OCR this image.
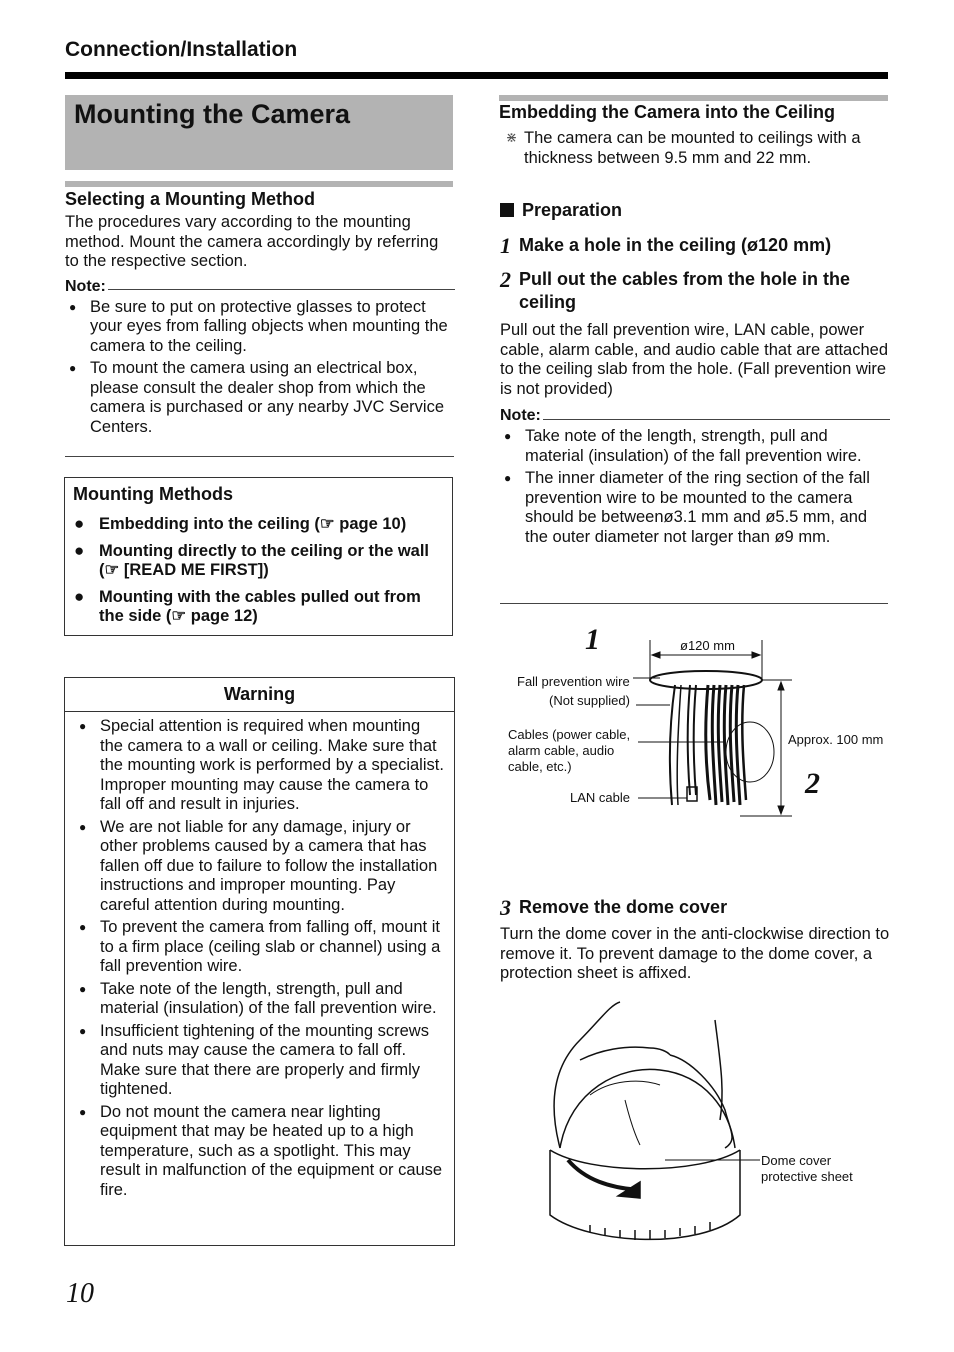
Connection/Installation
Mounting the Camera
Selecting a Mounting Method

The procedures vary according to the mounting method. Mount the camera accordingly by referring to the respective section.

Note:
● Be sure to put on protective glasses to protect your eyes from falling objects when mounting the camera to the ceiling.
● To mount the camera using an electrical box, please consult the dealer shop from which the camera is purchased or any nearby JVC Service Centers.
Mounting Methods
● Embedding into the ceiling (☞ page 10)
● Mounting directly to the ceiling or the wall (☞ [READ ME FIRST])
● Mounting with the cables pulled out from the side (☞ page 12)
Warning
● Special attention is required when mounting the camera to a wall or ceiling. Make sure that the mounting work is performed by a specialist. Improper mounting may cause the camera to fall off and result in injuries.
● We are not liable for any damage, injury or other problems caused by a camera that has fallen off due to failure to follow the installation instructions and improper mounting. Pay careful attention during mounting.
● To prevent the camera from falling off, mount it to a firm place (ceiling slab or channel) using a fall prevention wire.
● Take note of the length, strength, pull and material (insulation) of the fall prevention wire.
● Insufficient tightening of the mounting screws and nuts may cause the camera to fall off. Make sure that there are properly and firmly tightened.
● Do not mount the camera near lighting equipment that may be heated up to a high temperature, such as a spotlight. This may result in malfunction of the equipment or cause fire.
Embedding the Camera into the Ceiling
⋇ The camera can be mounted to ceilings with a thickness between 9.5 mm and 22 mm.

Preparation
1 Make a hole in the ceiling (ø120 mm)
2 Pull out the cables from the hole in the ceiling

Pull out the fall prevention wire, LAN cable, power cable, alarm cable, and audio cable that are attached to the ceiling slab from the hole. (Fall prevention wire is not provided)

Note:
● Take note of the length, strength, pull and material (insulation) of the fall prevention wire.
● The inner diameter of the ring section of the fall prevention wire to be mounted to the camera should be betweenø3.1 mm and ø5.5 mm, and the outer diameter not larger than ø9 mm.
1
2
ø120 mm
Fall prevention wire
(Not supplied)
Cables (power cable,
alarm cable, audio
cable, etc.)
LAN cable
Approx. 100 mm
3 Remove the dome cover

Turn the dome cover in the anti-clockwise direction to remove it. To prevent damage to the dome cover, a protection sheet is affixed.

Dome cover
protective sheet
10
